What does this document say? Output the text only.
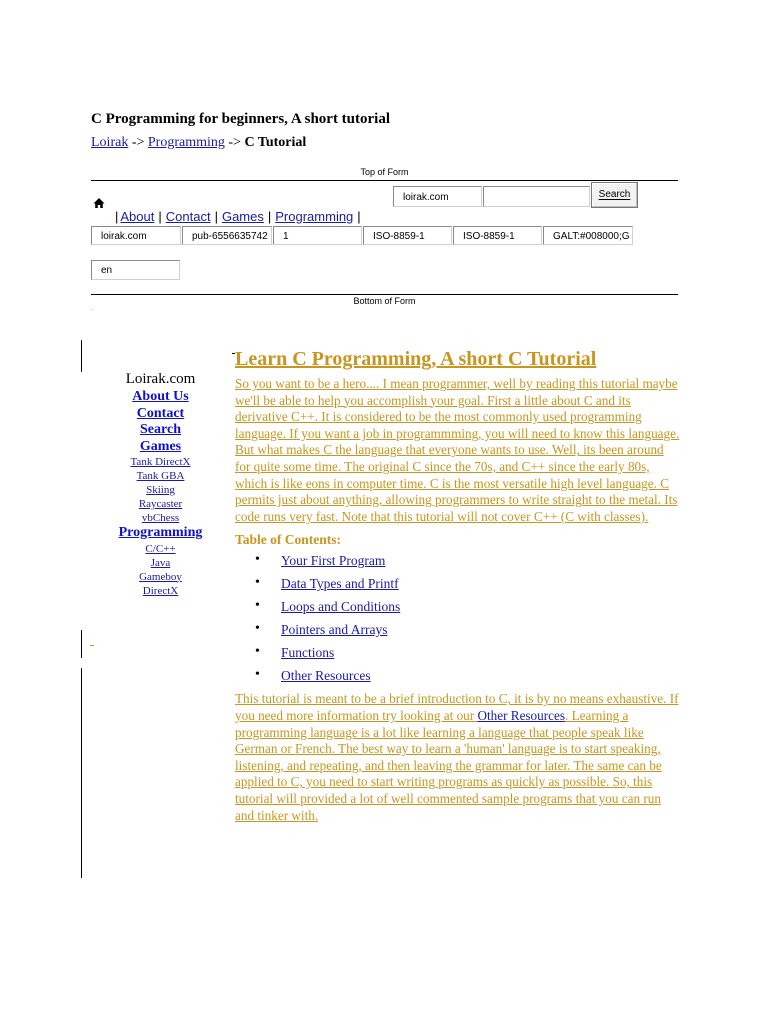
C Programming for beginners, A short tutorial
Loirak -> Programming -> C Tutorial
Top of Form
loirak.com	Search
| About | Contact | Games | Programming |
loirak.com	pub-6556635742	1	ISO-8859-1	ISO-8859-1	GALT:#008000;G
en
Bottom of Form
Loirak.com
About Us
Contact
Search
Games
Tank DirectX
Tank GBA
Skiing
Raycaster
vbChess
Programming
C/C++
Java
Gameboy
DirectX
Learn C Programming, A short C Tutorial
So you want to be a hero.... I mean programmer, well by reading this tutorial maybe we'll be able to help you accomplish your goal. First a little about C and its derivative C++. It is considered to be the most commonly used programming language. If you want a job in programmming, you will need to know this language. But what makes C the language that everyone wants to use. Well, its been around for quite some time. The original C since the 70s, and C++ since the early 80s, which is like eons in computer time. C is the most versatile high level language. C permits just about anything, allowing programmers to write straight to the metal. Its code runs very fast. Note that this tutorial will not cover C++ (C with classes).
Table of Contents:
• Your First Program
• Data Types and Printf
• Loops and Conditions
• Pointers and Arrays
• Functions
• Other Resources
This tutorial is meant to be a brief introduction to C, it is by no means exhaustive. If you need more information try looking at our Other Resources. Learning a programming language is a lot like learning a language that people speak like German or French. The best way to learn a 'human' language is to start speaking, listening, and repeating, and then leaving the grammar for later. The same can be applied to C, you need to start writing programs as quickly as possible. So, this tutorial will provided a lot of well commented sample programs that you can run and tinker with.
